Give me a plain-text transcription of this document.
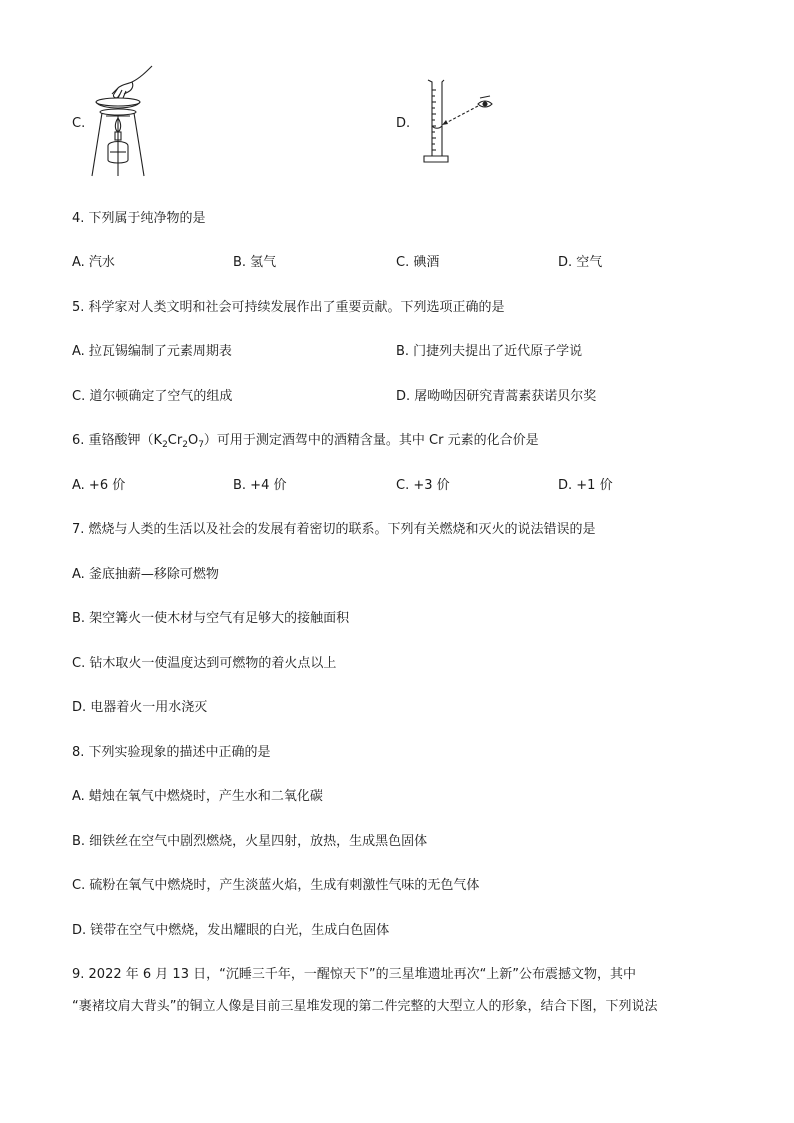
C.	D.
4. 下列属于纯净物的是
A. 汽水	B. 氢气	C. 碘酒	D. 空气
5. 科学家对人类文明和社会可持续发展作出了重要贡献。下列选项正确的是
A. 拉瓦锡编制了元素周期表	B. 门捷列夫提出了近代原子学说
C. 道尔顿确定了空气的组成	D. 屠呦呦因研究青蒿素获诺贝尔奖
6. 重铬酸钾$(K_2Cr_2O_7)$可用于测定酒驾中的酒精含量。其中 Cr 元素的化合价是
A. +6 价	B. +4 价	C. +3 价	D. +1 价
7. 燃烧与人类的生活以及社会的发展有着密切的联系。下列有关燃烧和灭火的说法错误的是
A. 釜底抽薪—移除可燃物
B. 架空篝火一使木材与空气有足够大的接触面积
C. 钻木取火一使温度达到可燃物的着火点以上
D. 电器着火一用水浇灭
8. 下列实验现象的描述中正确的是
A. 蜡烛在氧气中燃烧时，产生水和二氧化碳
B. 细铁丝在空气中剧烈燃烧，火星四射，放热，生成黑色固体
C. 硫粉在氧气中燃烧时，产生淡蓝火焰，生成有刺激性气味的无色气体
D. 镁带在空气中燃烧，发出耀眼的白光，生成白色固体
9. 2022 年 6 月 13 日，“沉睡三千年，一醒惊天下”的三星堆遗址再次“上新”公布震撼文物，其中
“裹褚坟肩大背头”的铜立人像是目前三星堆发现的第二件完整的大型立人的形象，结合下图，下列说法
